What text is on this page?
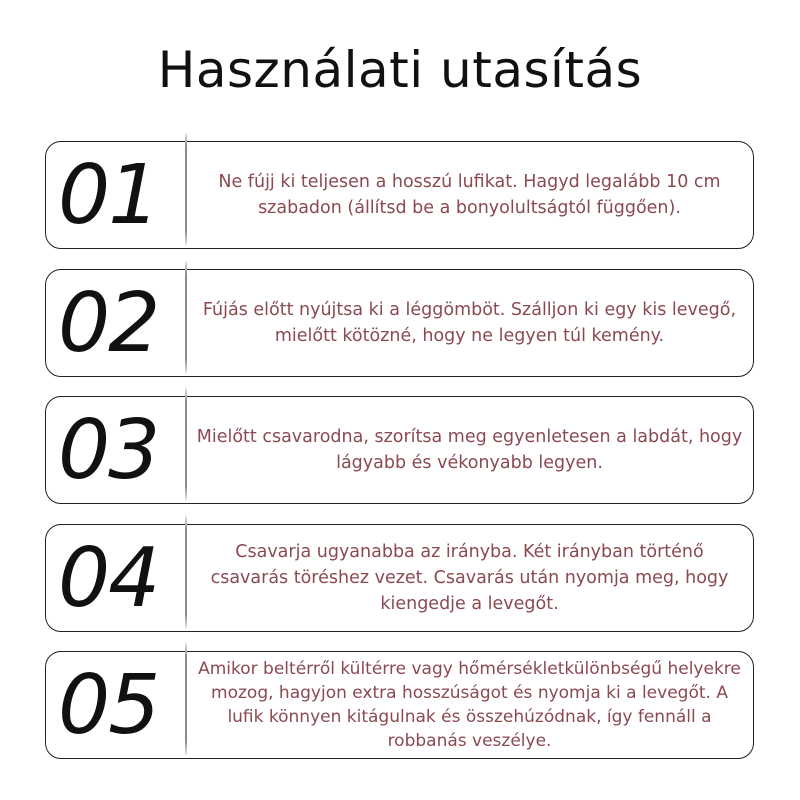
Használati utasítás
01	Ne fújj ki teljesen a hosszú lufikat. Hagyd legalább 10 cm szabadon (állítsd be a bonyolultságtól függően).
02	Fújás előtt nyújtsa ki a léggömböt. Szálljon ki egy kis levegő, mielőtt kötözné, hogy ne legyen túl kemény.
03	Mielőtt csavarodna, szorítsa meg egyenletesen a labdát, hogy lágyabb és vékonyabb legyen.
04	Csavarja ugyanabba az irányba. Két irányban történő csavarás töréshez vezet. Csavarás után nyomja meg, hogy kiengedje a levegőt.
05	Amikor beltérről kültérre vagy hőmérsékletkülönbségű helyekre mozog, hagyjon extra hosszúságot és nyomja ki a levegőt. A lufik könnyen kitágulnak és összehúzódnak, így fennáll a robbanás veszélye.
